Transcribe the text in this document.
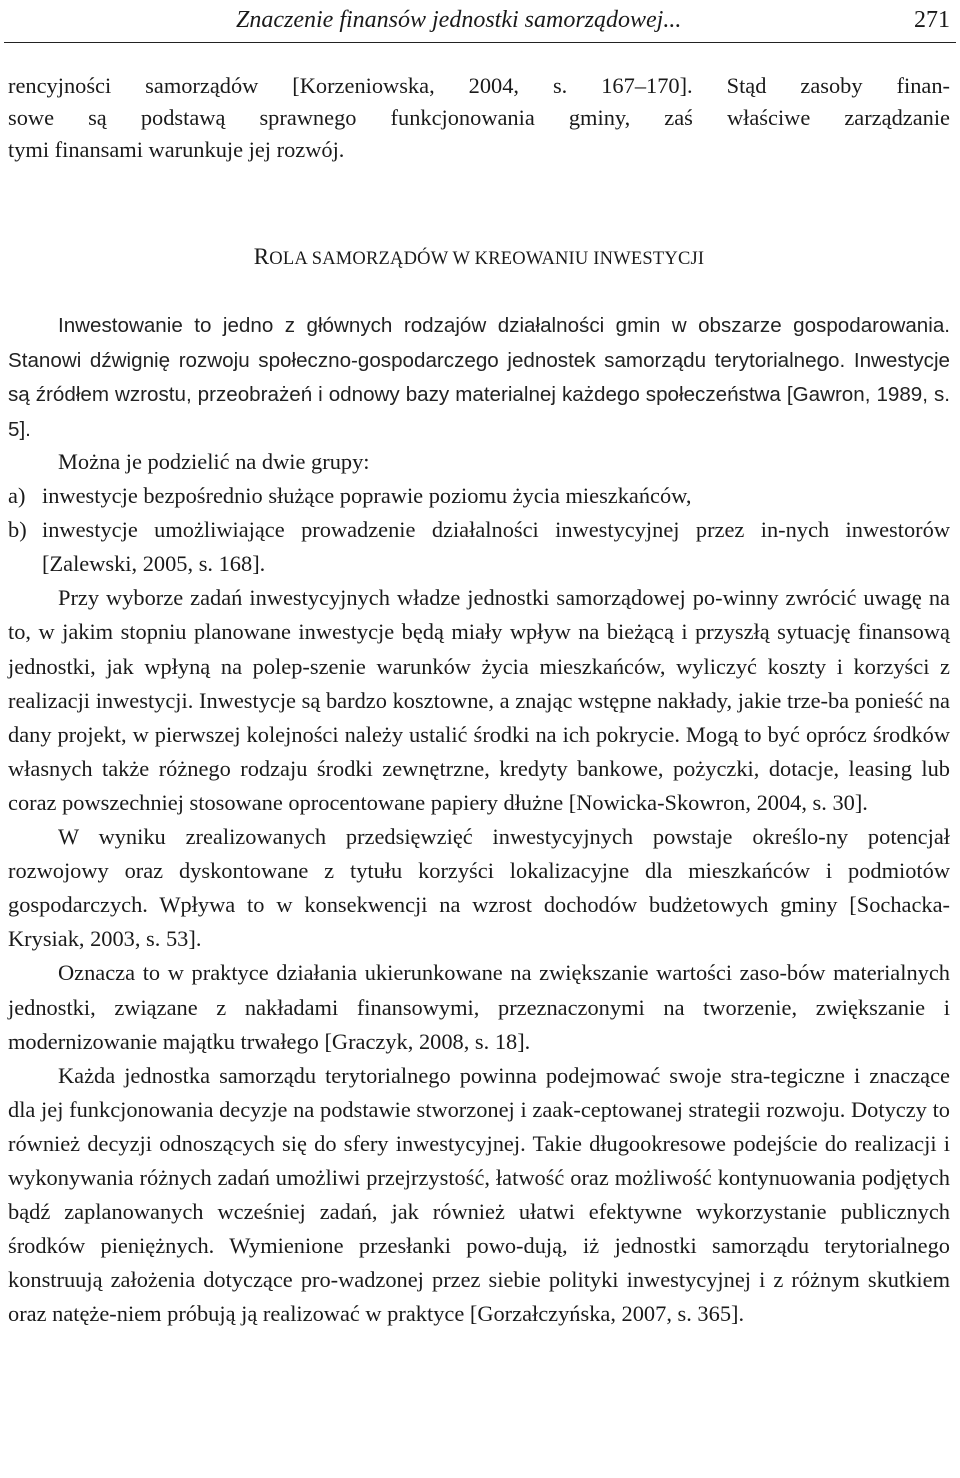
Znaczenie finansów jednostki samorządowej...	271

rencyjności samorządów [Korzeniowska, 2004, s. 167–170]. Stąd zasoby finan-

sowe są podstawą sprawnego funkcjonowania gminy, zaś właściwe zarządzanie

tymi finansami warunkuje jej rozwój.

ROLA SAMORZĄDÓW W KREOWANIU INWESTYCJI

Inwestowanie to jedno z głównych rodzajów działalności gmin w obszarze gospodarowania. Stanowi dźwignię rozwoju społeczno-gospodarczego jednostek samorządu terytorialnego. Inwestycje są źródłem wzrostu, przeobrażeń i odnowy bazy materialnej każdego społeczeństwa [Gawron, 1989, s. 5].

Można je podzielić na dwie grupy:

a) inwestycje bezpośrednio służące poprawie poziomu życia mieszkańców,
b) inwestycje umożliwiające prowadzenie działalności inwestycyjnej przez in-nych inwestorów [Zalewski, 2005, s. 168].

Przy wyborze zadań inwestycyjnych władze jednostki samorządowej po-winny zwrócić uwagę na to, w jakim stopniu planowane inwestycje będą miały wpływ na bieżącą i przyszłą sytuację finansową jednostki, jak wpłyną na polep-szenie warunków życia mieszkańców, wyliczyć koszty i korzyści z realizacji inwestycji. Inwestycje są bardzo kosztowne, a znając wstępne nakłady, jakie trze-ba ponieść na dany projekt, w pierwszej kolejności należy ustalić środki na ich pokrycie. Mogą to być oprócz środków własnych także różnego rodzaju środki zewnętrzne, kredyty bankowe, pożyczki, dotacje, leasing lub coraz powszechniej stosowane oprocentowane papiery dłużne [Nowicka-Skowron, 2004, s. 30].

W wyniku zrealizowanych przedsięwzięć inwestycyjnych powstaje określo-ny potencjał rozwojowy oraz dyskontowane z tytułu korzyści lokalizacyjne dla mieszkańców i podmiotów gospodarczych. Wpływa to w konsekwencji na wzrost dochodów budżetowych gminy [Sochacka-Krysiak, 2003, s. 53].

Oznacza to w praktyce działania ukierunkowane na zwiększanie wartości zaso-bów materialnych jednostki, związane z nakładami finansowymi, przeznaczonymi na tworzenie, zwiększanie i modernizowanie majątku trwałego [Graczyk, 2008, s. 18].

Każda jednostka samorządu terytorialnego powinna podejmować swoje stra-tegiczne i znaczące dla jej funkcjonowania decyzje na podstawie stworzonej i zaak-ceptowanej strategii rozwoju. Dotyczy to również decyzji odnoszących się do sfery inwestycyjnej. Takie długookresowe podejście do realizacji i wykonywania różnych zadań umożliwi przejrzystość, łatwość oraz możliwość kontynuowania podjętych bądź zaplanowanych wcześniej zadań, jak również ułatwi efektywne wykorzystanie publicznych środków pieniężnych. Wymienione przesłanki powo-dują, iż jednostki samorządu terytorialnego konstruują założenia dotyczące pro-wadzonej przez siebie polityki inwestycyjnej i z różnym skutkiem oraz natęże-niem próbują ją realizować w praktyce [Gorzałczyńska, 2007, s. 365].
